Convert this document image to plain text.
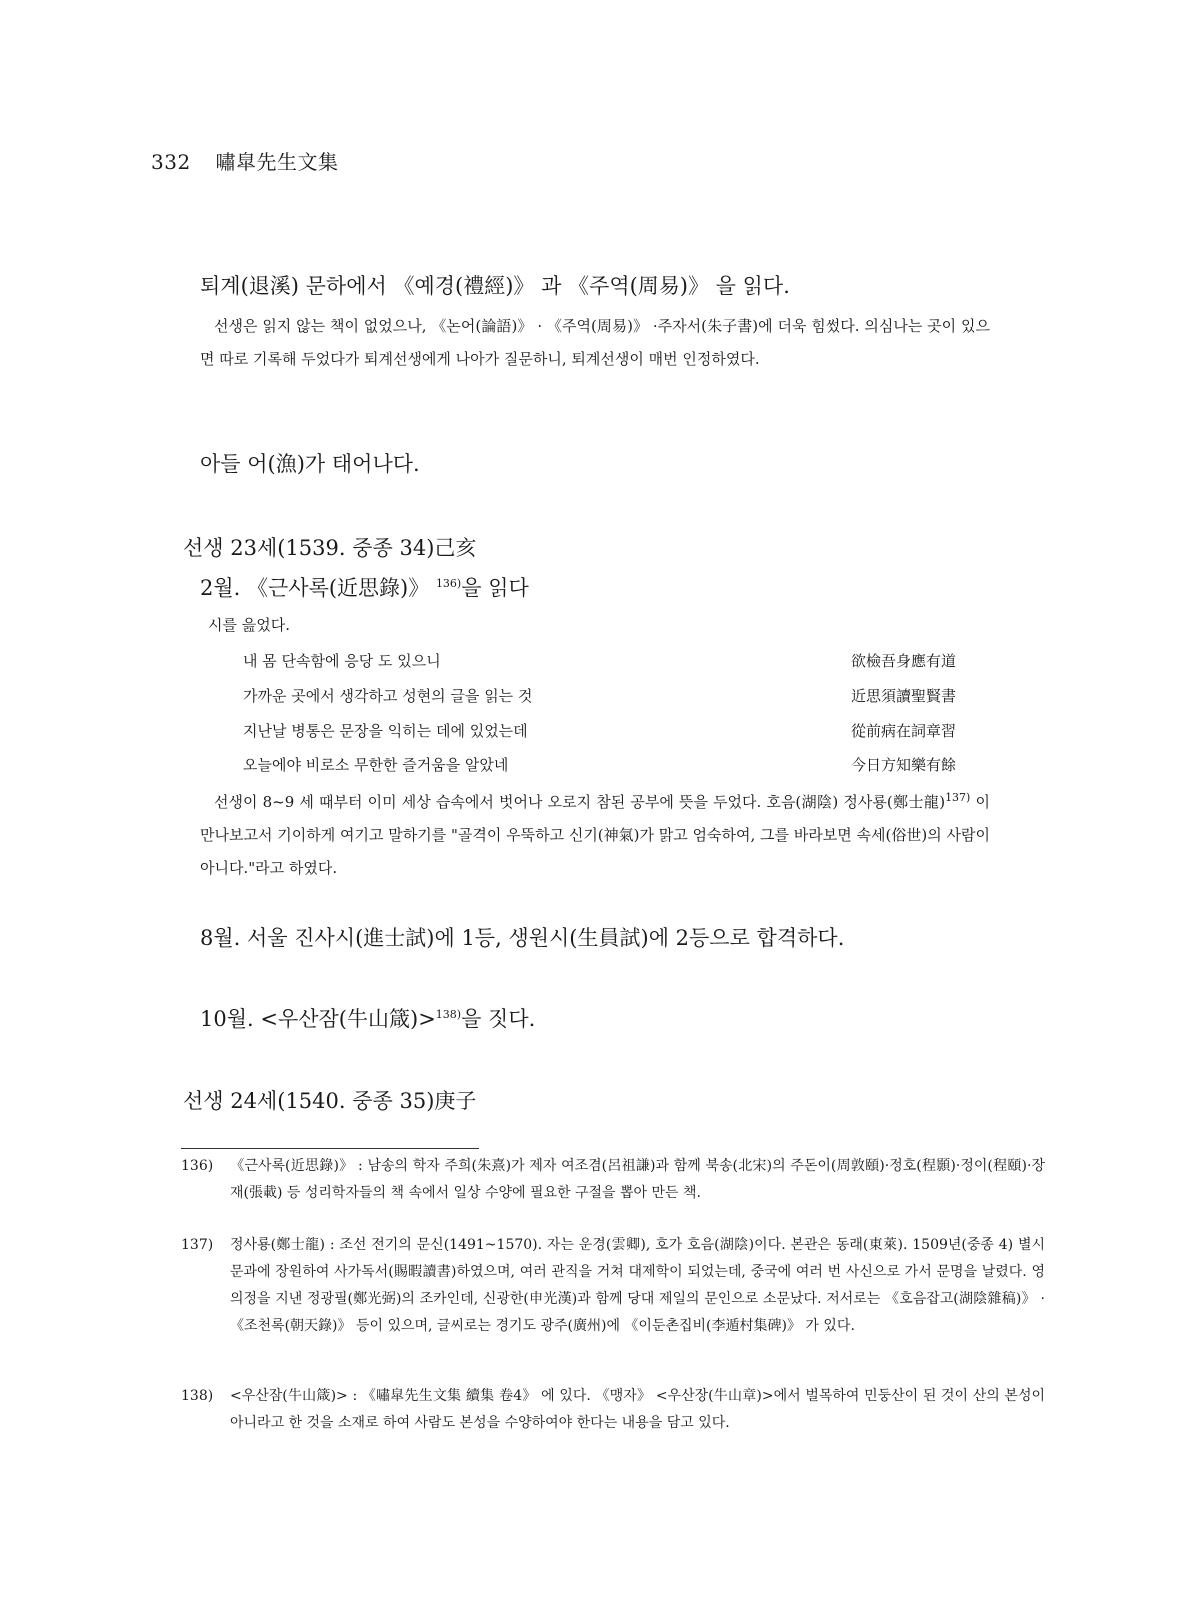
332 嘯皐先生文集
퇴계(退溪) 문하에서 《예경(禮經)》 과 《주역(周易)》 을 읽다.
선생은 읽지 않는 책이 없었으나, 《논어(論語)》 · 《주역(周易)》 ·주자서(朱子書)에 더욱 힘썼다. 의심나는 곳이 있으면 따로 기록해 두었다가 퇴계선생에게 나아가 질문하니, 퇴계선생이 매번 인정하였다.
아들 어(漁)가 태어나다.
선생 23세(1539. 중종 34)己亥
2월. 《근사록(近思錄)》 $^{136)}$을 읽다
시를 읊었다.
내 몸 단속함에 응당 도 있으니	欲檢吾身應有道
가까운 곳에서 생각하고 성현의 글을 읽는 것	近思須讀聖賢書
지난날 병통은 문장을 익히는 데에 있었는데	從前病在詞章習
오늘에야 비로소 무한한 즐거움을 알았네	今日方知樂有餘
선생이 8~9 세 때부터 이미 세상 습속에서 벗어나 오로지 참된 공부에 뜻을 두었다. 호음(湖陰) 정사룡(鄭士龍)$^{137)}$ 이 만나보고서 기이하게 여기고 말하기를 "골격이 우뚝하고 신기(神氣)가 맑고 엄숙하여, 그를 바라보면 속세(俗世)의 사람이 아니다."라고 하였다.
8월. 서울 진사시(進士試)에 1등, 생원시(生員試)에 2등으로 합격하다.
10월. <우산잠(牛山箴)>$^{138)}$을 짓다.
선생 24세(1540. 중종 35)庚子
136) 《근사록(近思錄)》 : 남송의 학자 주희(朱熹)가 제자 여조겸(呂祖謙)과 함께 북송(北宋)의 주돈이(周敦頤)·정호(程顥)·정이(程頤)·장재(張載) 등 성리학자들의 책 속에서 일상 수양에 필요한 구절을 뽑아 만든 책.
137) 정사룡(鄭士龍) : 조선 전기의 문신(1491~1570). 자는 운경(雲卿), 호가 호음(湖陰)이다. 본관은 동래(東萊). 1509년(중종 4) 별시문과에 장원하여 사가독서(賜暇讀書)하였으며, 여러 관직을 거쳐 대제학이 되었는데, 중국에 여러 번 사신으로 가서 문명을 날렸다. 영의정을 지낸 정광필(鄭光弼)의 조카인데, 신광한(申光漢)과 함께 당대 제일의 문인으로 소문났다. 저서로는 《호음잡고(湖陰雜稿)》 · 《조천록(朝天錄)》 등이 있으며, 글씨로는 경기도 광주(廣州)에 《이둔촌집비(李遁村集碑)》 가 있다.
138) <우산잠(牛山箴)> : 《嘯皐先生文集 續集 卷4》 에 있다. 《맹자》 <우산장(牛山章)>에서 벌목하여 민둥산이 된 것이 산의 본성이 아니라고 한 것을 소재로 하여 사람도 본성을 수양하여야 한다는 내용을 담고 있다.
